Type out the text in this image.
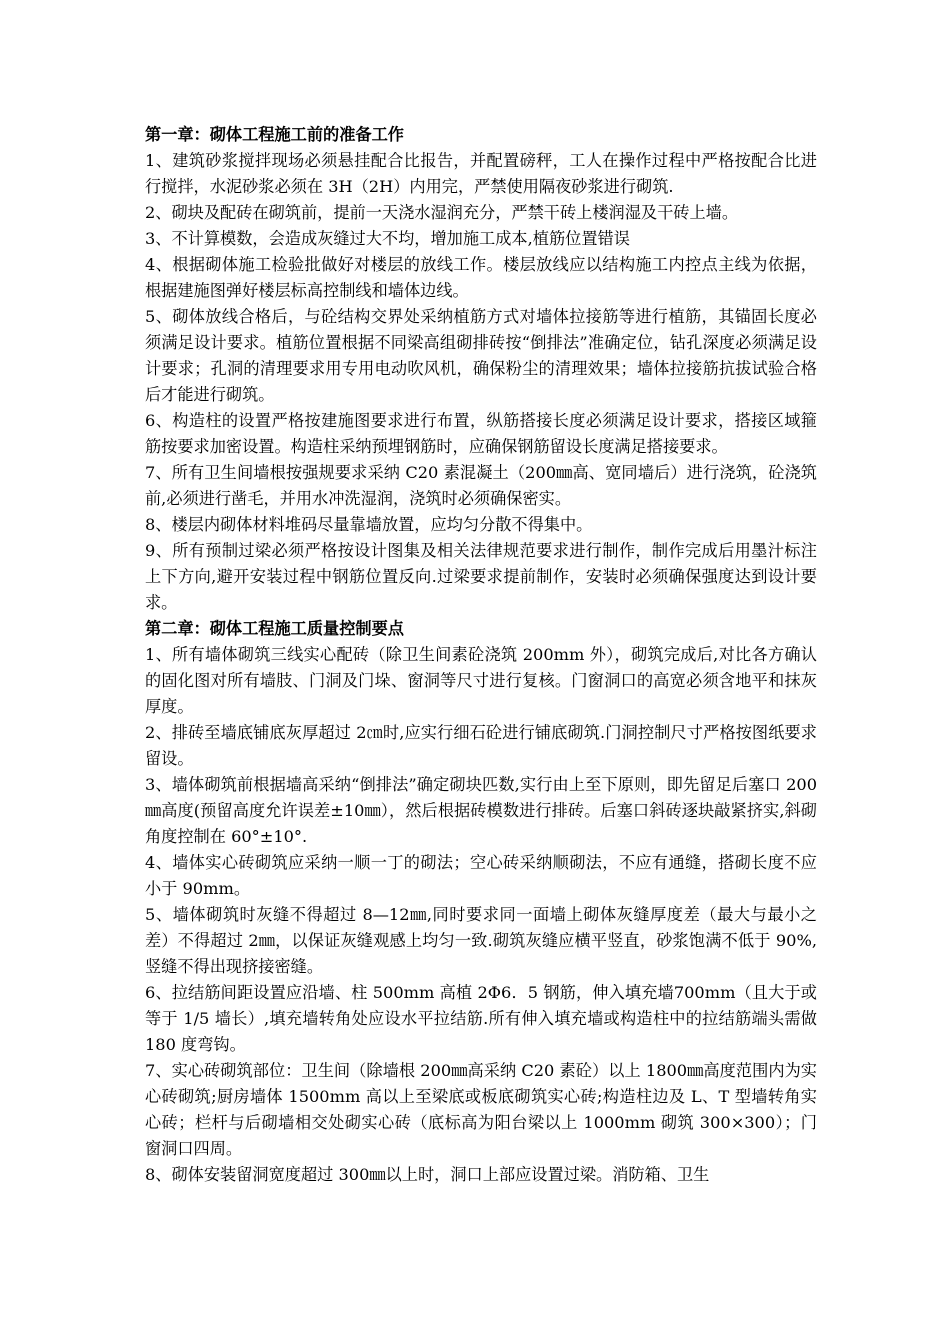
第一章：砌体工程施工前的准备工作

1、建筑砂浆搅拌现场必须悬挂配合比报告，并配置磅秤，工人在操作过程中严格按配合比进行搅拌，水泥砂浆必须在 3H（2H）内用完，严禁使用隔夜砂浆进行砌筑.

2、砌块及配砖在砌筑前，提前一天浇水湿润充分，严禁干砖上楼润湿及干砖上墙。

3、不计算模数，会造成灰缝过大不均，增加施工成本,植筋位置错误

4、根据砌体施工检验批做好对楼层的放线工作。楼层放线应以结构施工内控点主线为依据，根据建施图弹好楼层标高控制线和墙体边线。

5、砌体放线合格后，与砼结构交界处采纳植筋方式对墙体拉接筋等进行植筋，其锚固长度必须满足设计要求。植筋位置根据不同梁高组砌排砖按“倒排法”准确定位，钻孔深度必须满足设计要求；孔洞的清理要求用专用电动吹风机，确保粉尘的清理效果；墙体拉接筋抗拔试验合格后才能进行砌筑。

6、构造柱的设置严格按建施图要求进行布置，纵筋搭接长度必须满足设计要求，搭接区域箍筋按要求加密设置。构造柱采纳预埋钢筋时，应确保钢筋留设长度满足搭接要求。

7、所有卫生间墙根按强规要求采纳 C20 素混凝土（200㎜高、宽同墙后）进行浇筑，砼浇筑前,必须进行凿毛，并用水冲洗湿润，浇筑时必须确保密实。

8、楼层内砌体材料堆码尽量靠墙放置，应均匀分散不得集中。

9、所有预制过梁必须严格按设计图集及相关法律规范要求进行制作，制作完成后用墨汁标注上下方向,避开安装过程中钢筋位置反向.过梁要求提前制作，安装时必须确保强度达到设计要求。

第二章：砌体工程施工质量控制要点

1、所有墙体砌筑三线实心配砖（除卫生间素砼浇筑 200mm 外），砌筑完成后,对比各方确认的固化图对所有墙肢、门洞及门垛、窗洞等尺寸进行复核。门窗洞口的高宽必须含地平和抹灰厚度。

2、排砖至墙底铺底灰厚超过 2㎝时,应实行细石砼进行铺底砌筑.门洞控制尺寸严格按图纸要求留设。

3、墙体砌筑前根据墙高采纳“倒排法”确定砌块匹数,实行由上至下原则，即先留足后塞口 200㎜高度(预留高度允许误差±10㎜），然后根据砖模数进行排砖。后塞口斜砖逐块敲紧挤实,斜砌角度控制在 60°±10°.

4、墙体实心砖砌筑应采纳一顺一丁的砌法；空心砖采纳顺砌法，不应有通缝，搭砌长度不应小于 90mm。

5、墙体砌筑时灰缝不得超过 8—12㎜,同时要求同一面墙上砌体灰缝厚度差（最大与最小之差）不得超过 2㎜，以保证灰缝观感上均匀一致.砌筑灰缝应横平竖直，砂浆饱满不低于 90%,竖缝不得出现挤接密缝。

6、拉结筋间距设置应沿墙、柱 500mm 高植 2Φ6．5 钢筋，伸入填充墙700mm（且大于或等于 1/5 墙长）,填充墙转角处应设水平拉结筋.所有伸入填充墙或构造柱中的拉结筋端头需做 180 度弯钩。

7、实心砖砌筑部位：卫生间（除墙根 200㎜高采纳 C20 素砼）以上 1800㎜高度范围内为实心砖砌筑;厨房墙体 1500mm 高以上至梁底或板底砌筑实心砖;构造柱边及 L、T 型墙转角实心砖；栏杆与后砌墙相交处砌实心砖（底标高为阳台梁以上 1000mm 砌筑 300×300）；门窗洞口四周。

8、砌体安装留洞宽度超过 300㎜以上时，洞口上部应设置过梁。消防箱、卫生
